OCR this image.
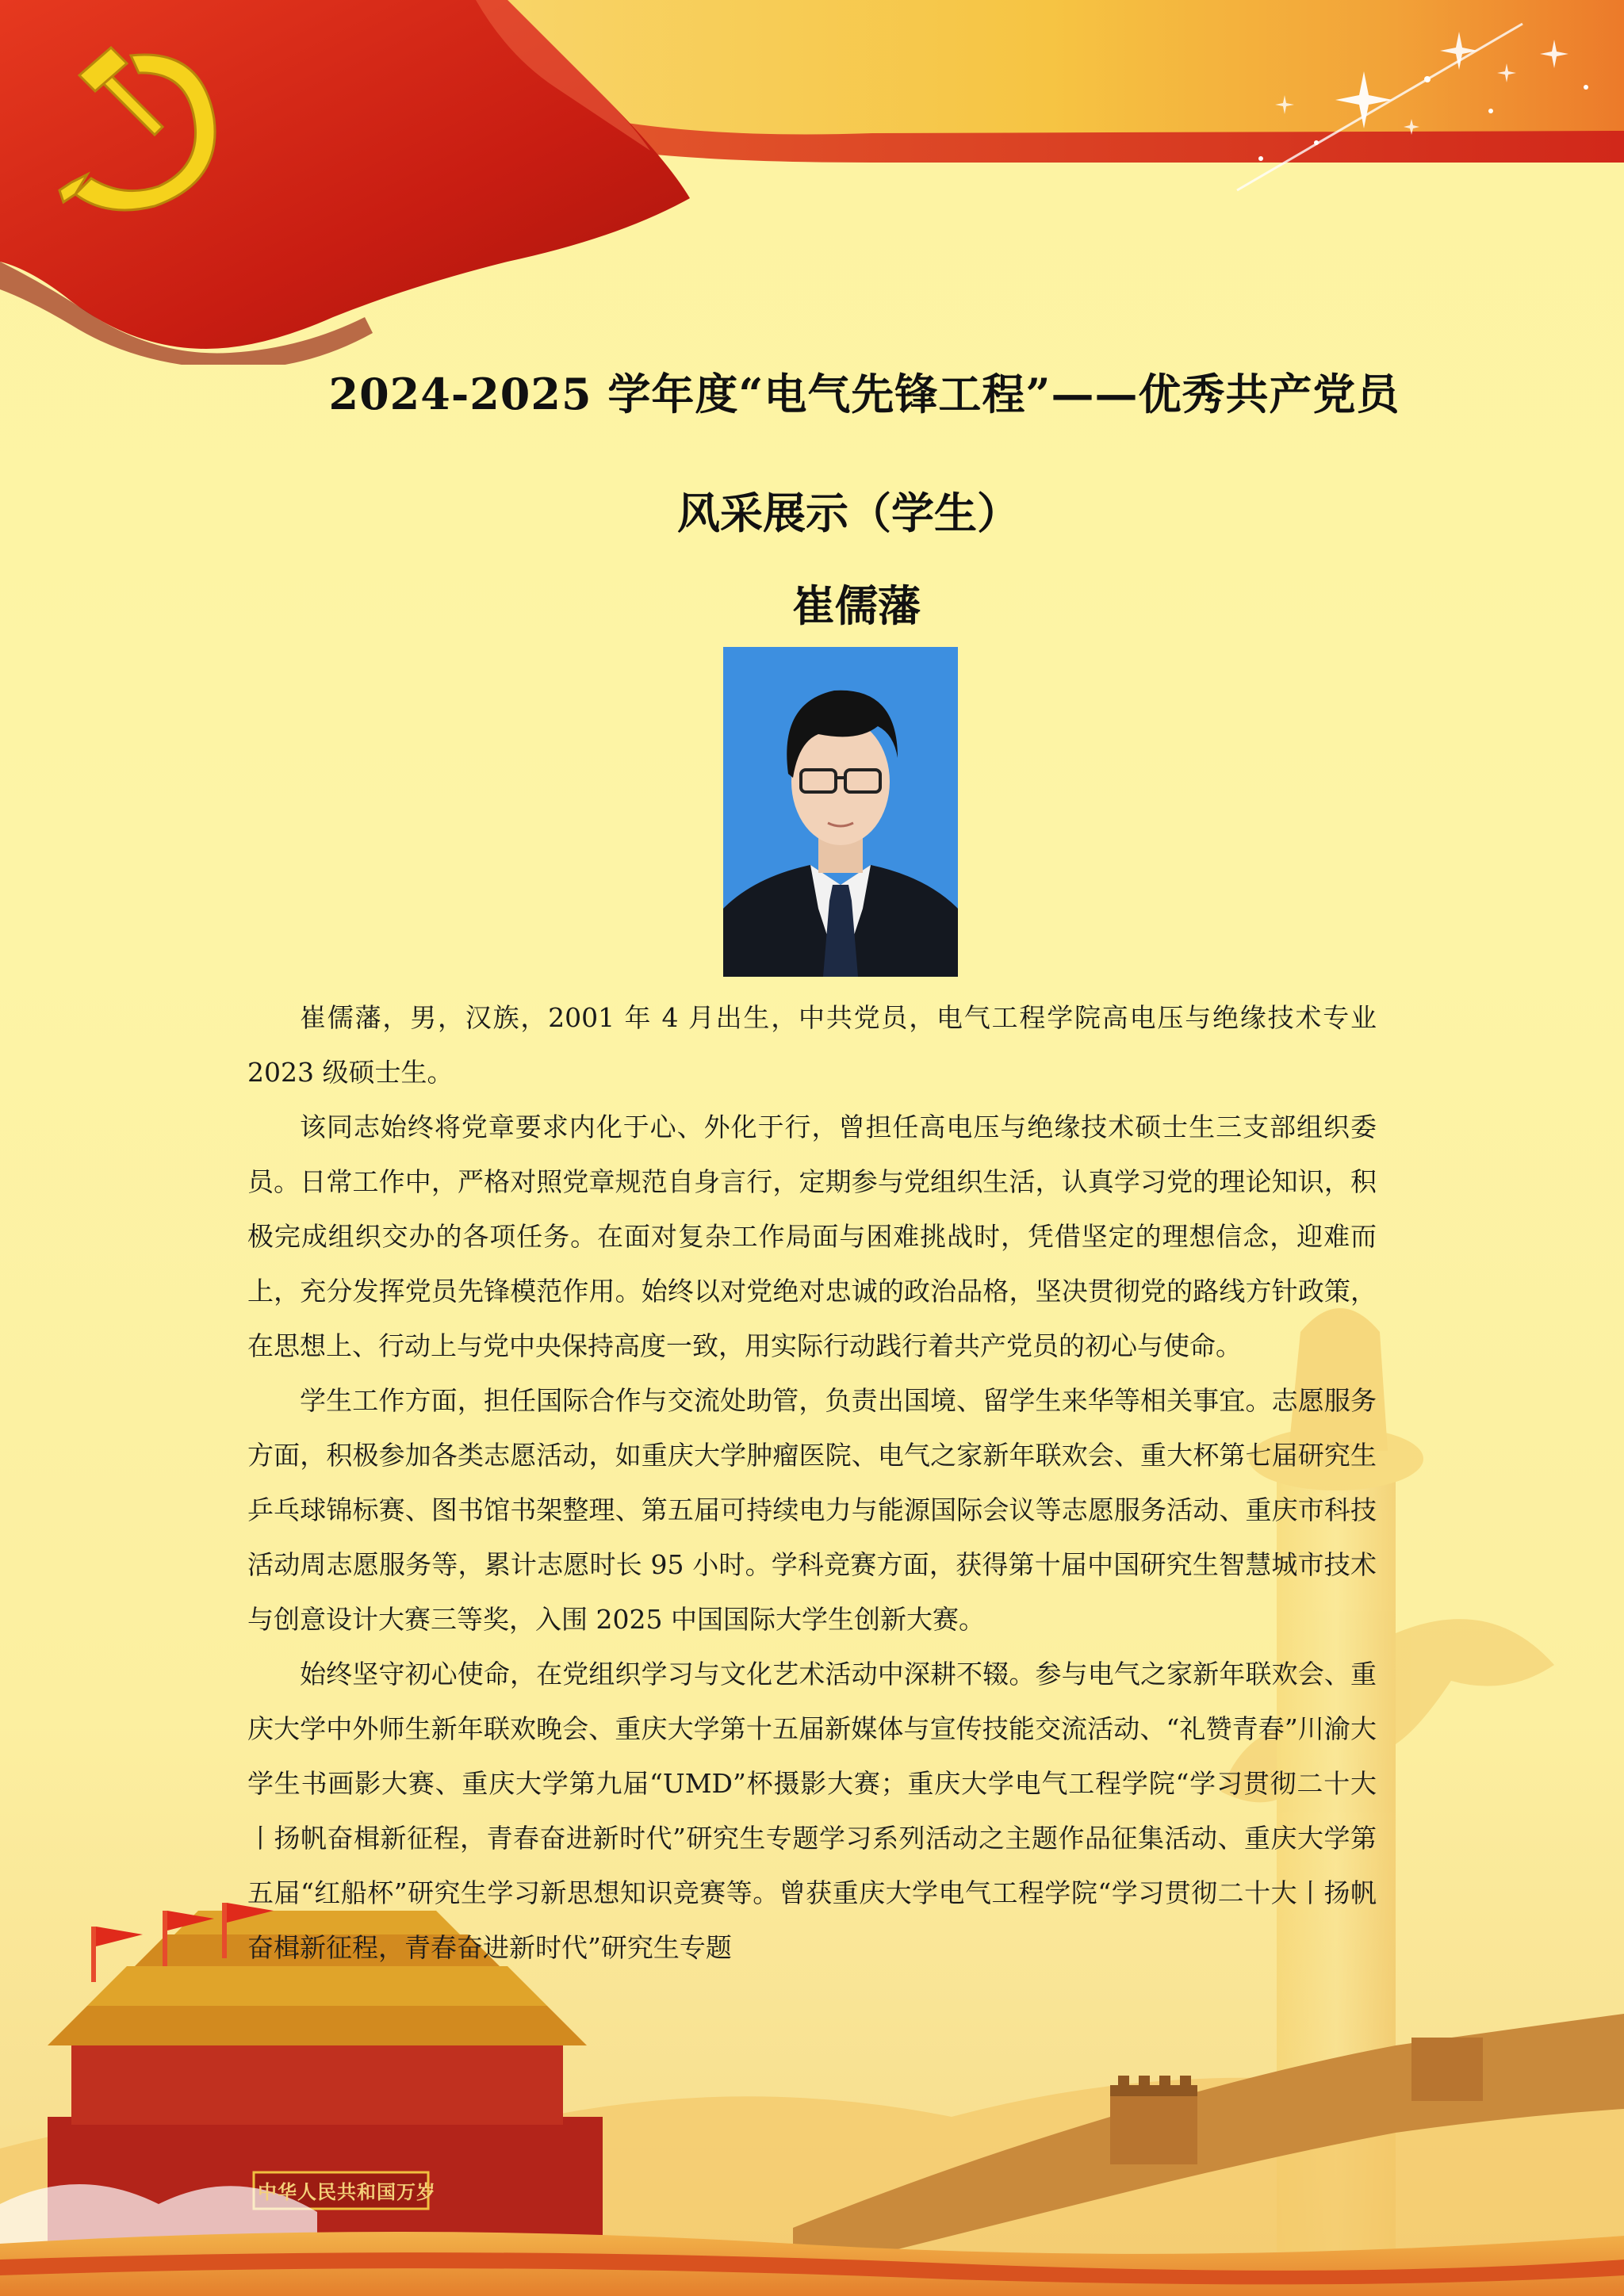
中华人民共和国万岁
2024-2025 学年度“电气先锋工程”——优秀共产党员
风采展示（学生）
崔儒藩

崔儒藩，男，汉族，2001 年 4 月出生，中共党员，电气工程学院高电压与绝缘技术专业 2023 级硕士生。

该同志始终将党章要求内化于心、外化于行，曾担任高电压与绝缘技术硕士生三支部组织委员。日常工作中，严格对照党章规范自身言行，定期参与党组织生活，认真学习党的理论知识，积极完成组织交办的各项任务。在面对复杂工作局面与困难挑战时，凭借坚定的理想信念，迎难而上，充分发挥党员先锋模范作用。始终以对党绝对忠诚的政治品格，坚决贯彻党的路线方针政策，在思想上、行动上与党中央保持高度一致，用实际行动践行着共产党员的初心与使命。

学生工作方面，担任国际合作与交流处助管，负责出国境、留学生来华等相关事宜。志愿服务方面，积极参加各类志愿活动，如重庆大学肿瘤医院、电气之家新年联欢会、重大杯第七届研究生乒乓球锦标赛、图书馆书架整理、第五届可持续电力与能源国际会议等志愿服务活动、重庆市科技活动周志愿服务等，累计志愿时长 95 小时。学科竞赛方面，获得第十届中国研究生智慧城市技术与创意设计大赛三等奖，入围 2025 中国国际大学生创新大赛。

始终坚守初心使命，在党组织学习与文化艺术活动中深耕不辍。参与电气之家新年联欢会、重庆大学中外师生新年联欢晚会、重庆大学第十五届新媒体与宣传技能交流活动、“礼赞青春”川渝大学生书画影大赛、重庆大学第九届“UMD”杯摄影大赛；重庆大学电气工程学院“学习贯彻二十大丨扬帆奋楫新征程，青春奋进新时代”研究生专题学习系列活动之主题作品征集活动、重庆大学第五届“红船杯”研究生学习新思想知识竞赛等。曾获重庆大学电气工程学院“学习贯彻二十大丨扬帆奋楫新征程，青春奋进新时代”研究生专题
